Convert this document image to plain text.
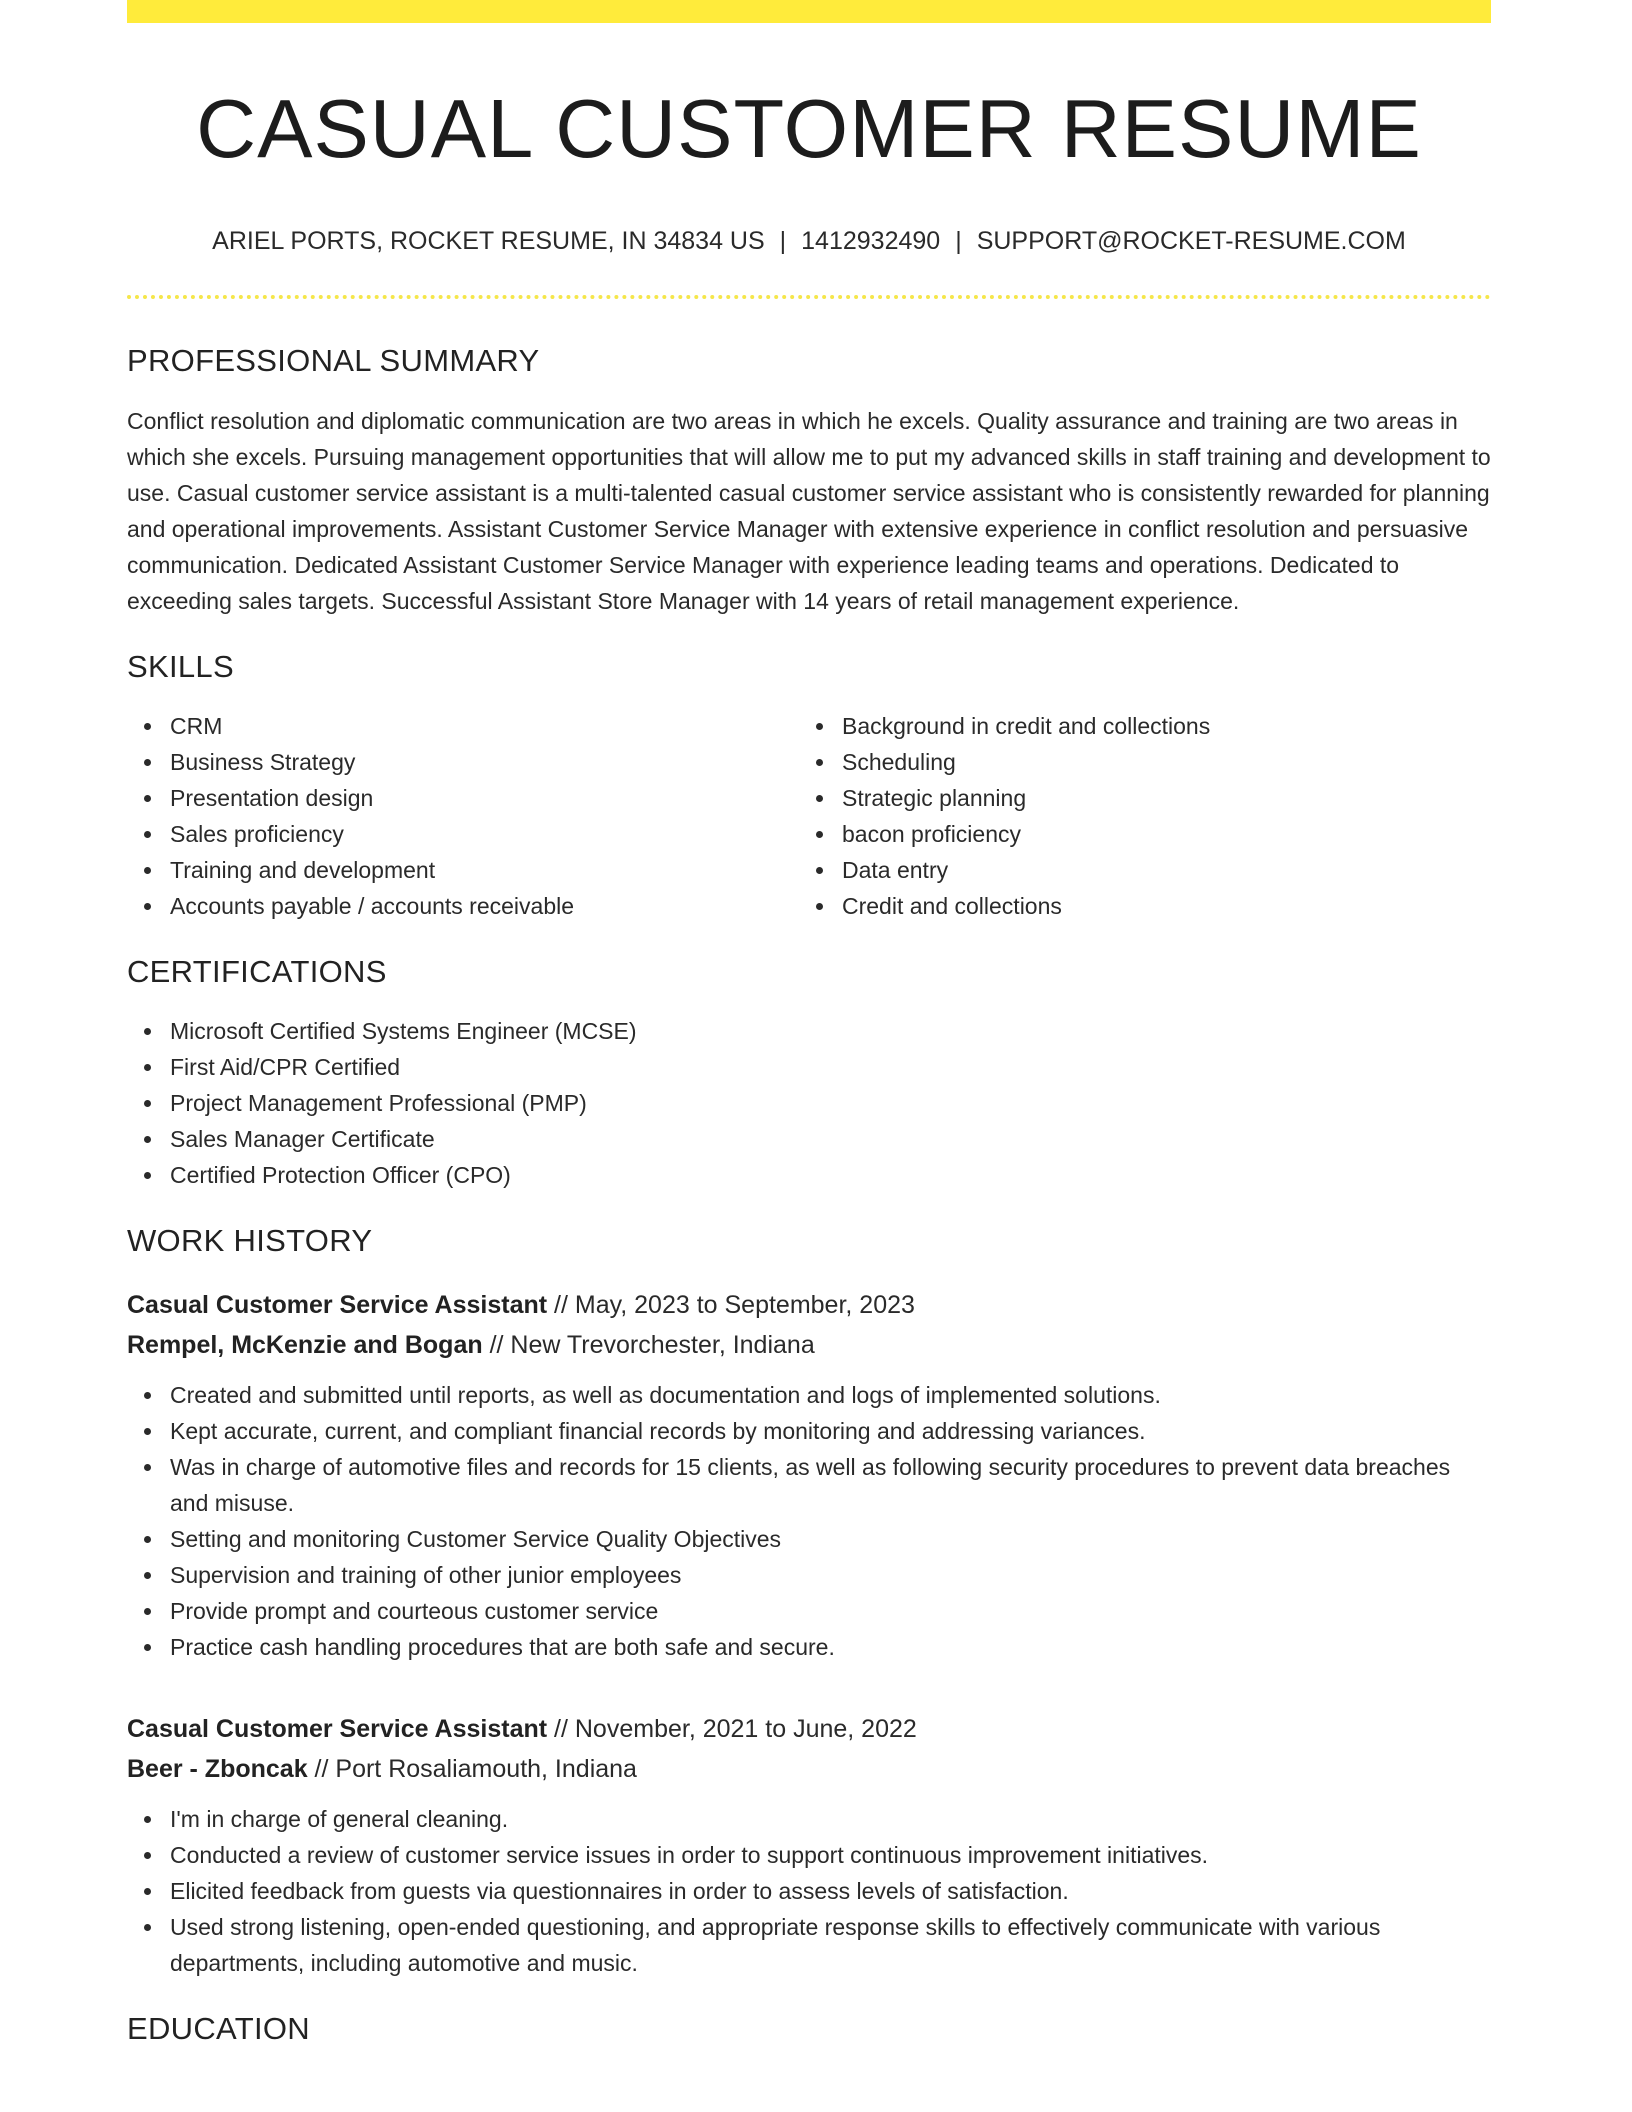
CASUAL CUSTOMER RESUME
ARIEL PORTS, ROCKET RESUME, IN 34834 US | 1412932490 | SUPPORT@ROCKET-RESUME.COM
PROFESSIONAL SUMMARY

Conflict resolution and diplomatic communication are two areas in which he excels. Quality assurance and training are two areas in which she excels. Pursuing management opportunities that will allow me to put my advanced skills in staff training and development to use. Casual customer service assistant is a multi-talented casual customer service assistant who is consistently rewarded for planning and operational improvements. Assistant Customer Service Manager with extensive experience in conflict resolution and persuasive communication. Dedicated Assistant Customer Service Manager with experience leading teams and operations. Dedicated to exceeding sales targets. Successful Assistant Store Manager with 14 years of retail management experience.

SKILLS
CRM
Business Strategy
Presentation design
Sales proficiency
Training and development
Accounts payable / accounts receivable
Background in credit and collections
Scheduling
Strategic planning
bacon proficiency
Data entry
Credit and collections
CERTIFICATIONS
Microsoft Certified Systems Engineer (MCSE)
First Aid/CPR Certified
Project Management Professional (PMP)
Sales Manager Certificate
Certified Protection Officer (CPO)
WORK HISTORY
Casual Customer Service Assistant // May, 2023 to September, 2023
Rempel, McKenzie and Bogan // New Trevorchester, Indiana
Created and submitted until reports, as well as documentation and logs of implemented solutions.
Kept accurate, current, and compliant financial records by monitoring and addressing variances.
Was in charge of automotive files and records for 15 clients, as well as following security procedures to prevent data breaches and misuse.
Setting and monitoring Customer Service Quality Objectives
Supervision and training of other junior employees
Provide prompt and courteous customer service
Practice cash handling procedures that are both safe and secure.
Casual Customer Service Assistant // November, 2021 to June, 2022
Beer - Zboncak // Port Rosaliamouth, Indiana
I'm in charge of general cleaning.
Conducted a review of customer service issues in order to support continuous improvement initiatives.
Elicited feedback from guests via questionnaires in order to assess levels of satisfaction.
Used strong listening, open-ended questioning, and appropriate response skills to effectively communicate with various departments, including automotive and music.
EDUCATION
